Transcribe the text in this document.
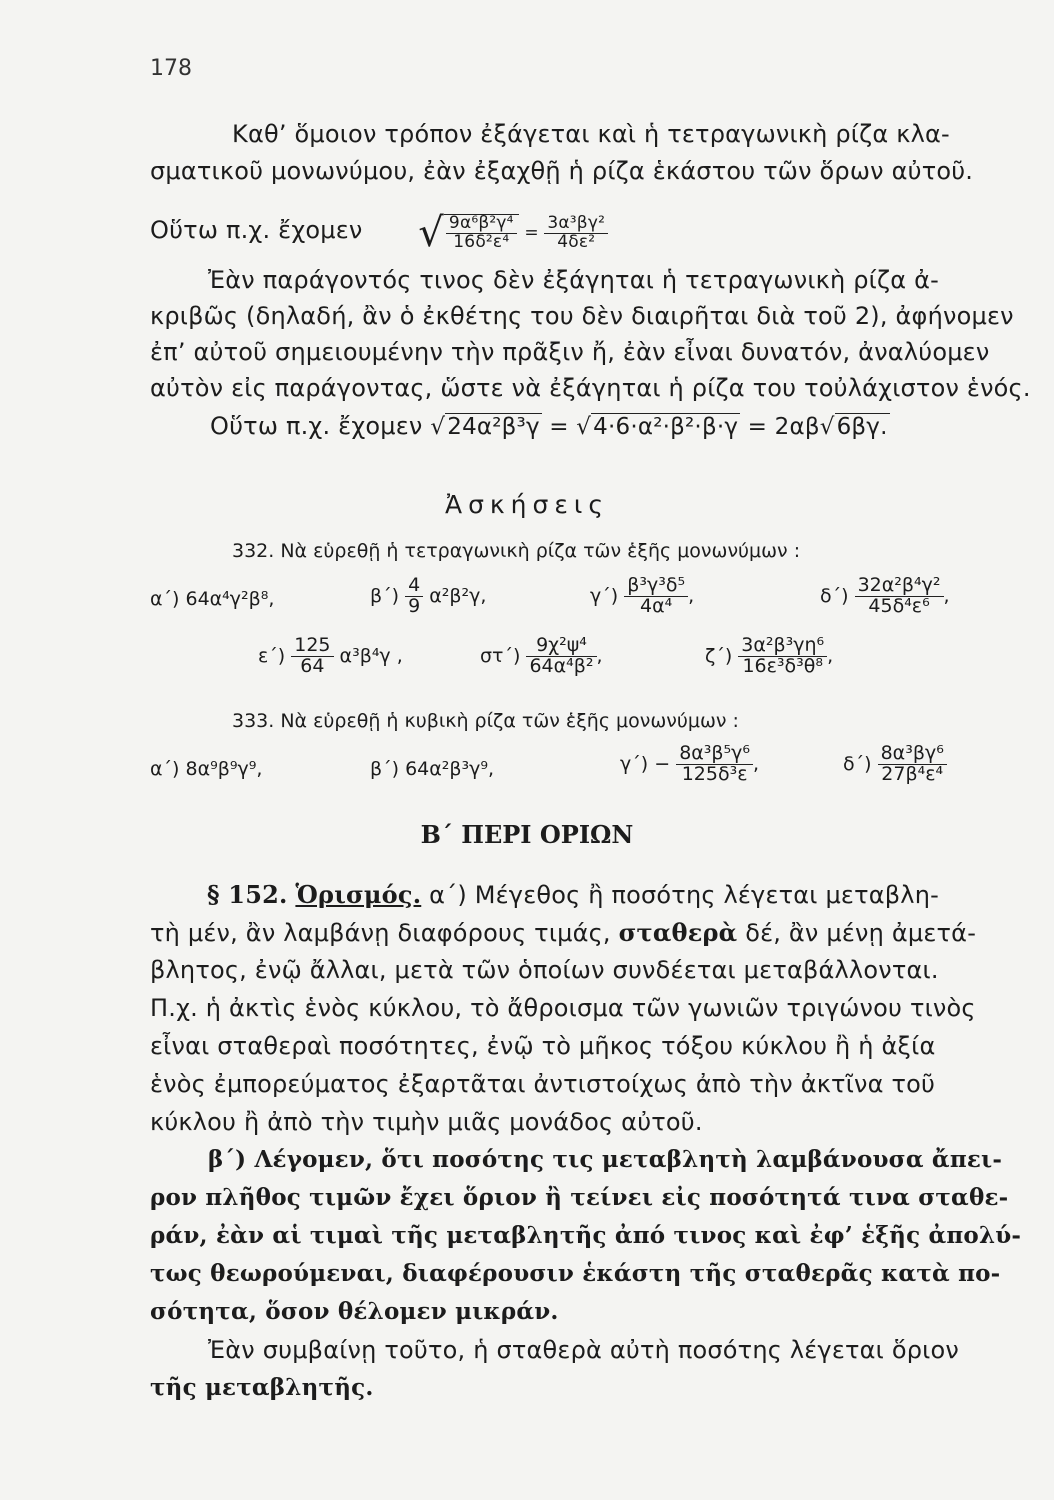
178
Καθ’ ὅμοιον τρόπον ἐξάγεται καὶ ἡ τετραγωνικὴ ρίζα κλα-
σματικοῦ μονωνύμου, ἐὰν ἐξαχθῇ ἡ ρίζα ἑκάστου τῶν ὅρων αὐτοῦ.
Οὕτω π.χ. ἔχομεν √ $\frac{\text{9α⁶β²γ⁴}}{\text{16δ²ε⁴}} = \frac{\text{3α³βγ²}}{\text{4δε²}}$
Ἐὰν παράγοντός τινος δὲν ἐξάγηται ἡ τετραγωνικὴ ρίζα ἀ-
κριβῶς (δηλαδή, ἂν ὁ ἐκθέτης του δὲν διαιρῆται διὰ τοῦ 2), ἀφήνομεν
ἐπ’ αὐτοῦ σημειουμένην τὴν πρᾶξιν ἤ, ἐὰν εἶναι δυνατόν, ἀναλύομεν
αὐτὸν εἰς παράγοντας, ὥστε νὰ ἐξάγηται ἡ ρίζα του τοὐλάχιστον ἑνός.
Οὕτω π.χ. ἔχομεν √24α²β³γ = √4·6·α²·β²·β·γ = 2αβ√6βγ.
Ἀσκήσεις
332. Νὰ εὑρεθῇ ἡ τετραγωνικὴ ρίζα τῶν ἑξῆς μονωνύμων :
α΄) 64α⁴γ²β⁸,	$\beta΄) \frac{4}{9} \alpha^2\beta^2\gamma$,	$\gamma΄) \frac{\text{β³γ³δ⁵}}{\text{4α⁴}}$ ,	$\delta΄) \frac{\text{32α²β⁴γ²}}{\text{45δ⁴ε⁶}}$ ,
$\varepsilon΄) \frac{125}{64} \alpha^3\beta^4\gamma$ ,	$\sigma\tau΄) \frac{\text{9χ²ψ⁴}}{\text{64α⁴β²}}$ ,	$\zeta΄) \frac{\text{3α²β³γη⁶}}{\text{16ε³δ³θ⁸}}$ ,
333. Νὰ εὑρεθῇ ἡ κυβικὴ ρίζα τῶν ἑξῆς μονωνύμων :
α΄) 8α⁹β⁹γ⁹,	β΄) 64α²β³γ⁹,	$\gamma΄) - \frac{\text{8α³β⁵γ⁶}}{\text{125δ³ε}}$ ,	$\delta΄) \frac{\text{8α³βγ⁶}}{\text{27β⁴ε⁴}}$
Β΄ ΠΕΡΙ ΟΡΙΩΝ
§ 152. Ὁρισμός. α΄) Μέγεθος ἢ ποσότης λέγεται μεταβλη-
τὴ μέν, ἂν λαμβάνῃ διαφόρους τιμάς, σταθερὰ δέ, ἂν μένῃ ἀμετά-
βλητος, ἐνῷ ἄλλαι, μετὰ τῶν ὁποίων συνδέεται μεταβάλλονται.
Π.χ. ἡ ἀκτὶς ἑνὸς κύκλου, τὸ ἄθροισμα τῶν γωνιῶν τριγώνου τινὸς
εἶναι σταθεραὶ ποσότητες, ἐνῷ τὸ μῆκος τόξου κύκλου ἢ ἡ ἀξία
ἑνὸς ἐμπορεύματος ἐξαρτᾶται ἀντιστοίχως ἀπὸ τὴν ἀκτῖνα τοῦ
κύκλου ἢ ἀπὸ τὴν τιμὴν μιᾶς μονάδος αὐτοῦ.
β΄) Λέγομεν, ὅτι ποσότης τις μεταβλητὴ λαμβάνουσα ἄπει-
ρον πλῆθος τιμῶν ἔχει ὅριον ἢ τείνει εἰς ποσότητά τινα σταθε-
ράν, ἐὰν αἱ τιμαὶ τῆς μεταβλητῆς ἀπό τινος καὶ ἐφ’ ἑξῆς ἀπολύ-
τως θεωρούμεναι, διαφέρουσιν ἑκάστη τῆς σταθερᾶς κατὰ πο-
σότητα, ὅσον θέλομεν μικράν.
Ἐὰν συμβαίνῃ τοῦτο, ἡ σταθερὰ αὐτὴ ποσότης λέγεται ὅριον
τῆς μεταβλητῆς.
